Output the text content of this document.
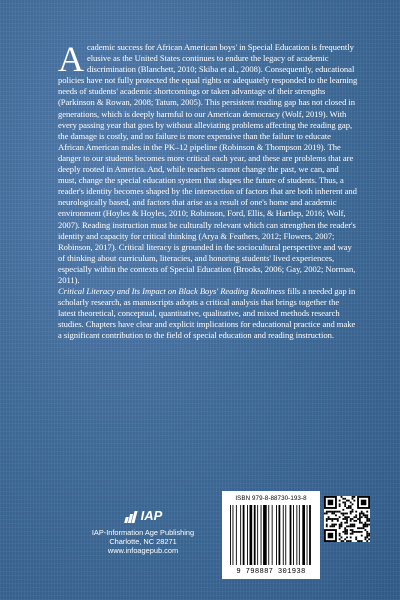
Academic success for African American boys' in Special Education is frequently elusive as the United States continues to endure the legacy of academic discrimination (Blanchett, 2010; Skiba et al., 2008). Consequently, educational policies have not fully protected the equal rights or adequately responded to the learning needs of students' academic shortcomings or taken advantage of their strengths (Parkinson & Rowan, 2008; Tatum, 2005). This persistent reading gap has not closed in generations, which is deeply harmful to our American democracy (Wolf, 2019). With every passing year that goes by without alleviating problems affecting the reading gap, the damage is costly, and no failure is more expensive than the failure to educate African American males in the PK–12 pipeline (Robinson & Thompson 2019). The danger to our students becomes more critical each year, and these are problems that are deeply rooted in America. And, while teachers cannot change the past, we can, and must, change the special education system that shapes the future of students. Thus, a reader's identity becomes shaped by the intersection of factors that are both inherent and neurologically based, and factors that arise as a result of one's home and academic environment (Hoyles & Hoyles, 2010; Robinson, Ford, Ellis, & Hartlep, 2016; Wolf, 2007). Reading instruction must be culturally relevant which can strengthen the reader's identity and capacity for critical thinking (Arya & Feathers, 2012; Flowers, 2007; Robinson, 2017). Critical literacy is grounded in the sociocultural perspective and way of thinking about curriculum, literacies, and honoring students' lived experiences, especially within the contexts of Special Education (Brooks, 2006; Gay, 2002; Norman, 2011).

Critical Literacy and Its Impact on Black Boys' Reading Readiness fills a needed gap in scholarly research, as manuscripts adopts a critical analysis that brings together the latest theoretical, conceptual, quantitative, qualitative, and mixed methods research studies. Chapters have clear and explicit implications for educational practice and make a significant contribution to the field of special education and reading instruction.

IAP
IAP-Information Age Publishing
Charlotte, NC 28271
www.infoagepub.com
ISBN 979-8-88730-193-8
9 798887 301938
